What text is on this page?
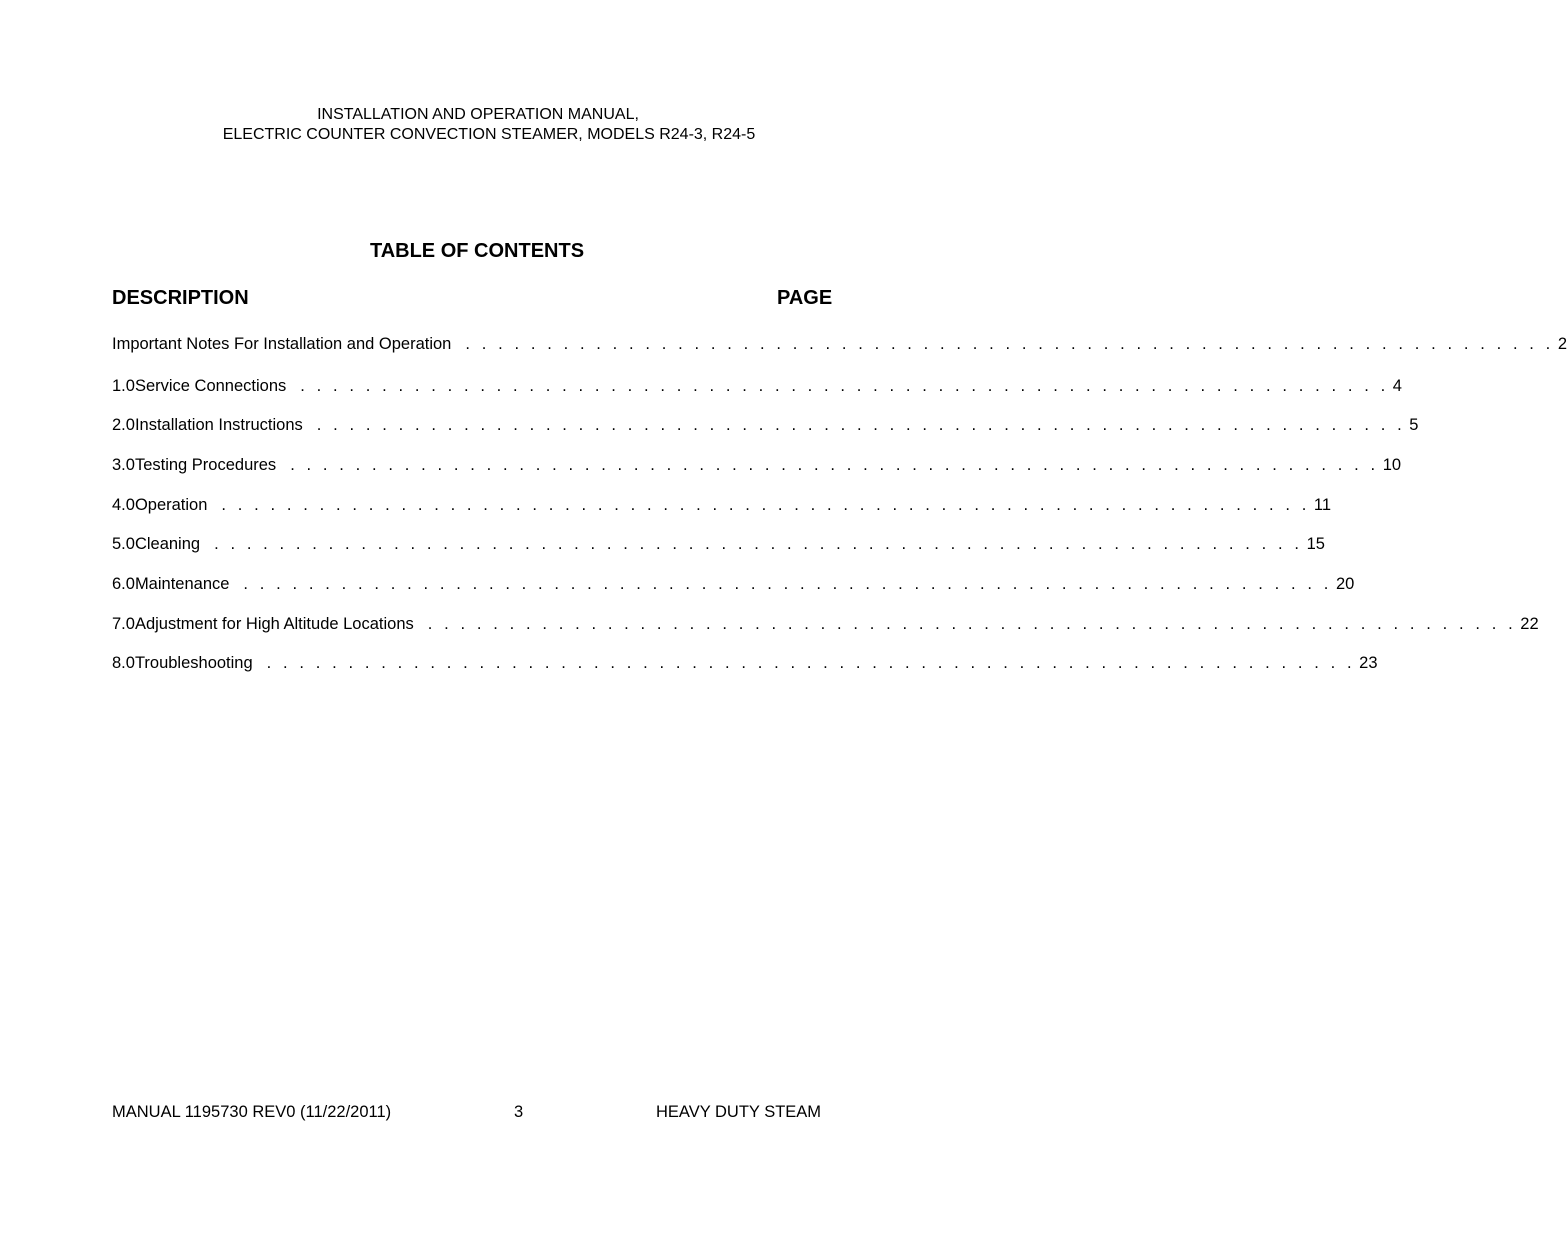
INSTALLATION AND OPERATION MANUAL,
ELECTRIC COUNTER CONVECTION STEAMER, MODELS R24-3, R24-5
TABLE OF CONTENTS
DESCRIPTION	PAGE
Important Notes For Installation and Operation . . . . . . . . . . . . . . . . . . . . . . . . . . . . . . . . . . . . . . . . . . . . . . . . . . . . . . . . . . . . . . . . . . . 2
1.0 Service Connections . . . . . . . . . . . . . . . . . . . . . . . . . . . . . . . . . . . . . . . . . . . . . . . . . . . . . . . . . . . . . . . . . . . 4
2.0 Installation Instructions . . . . . . . . . . . . . . . . . . . . . . . . . . . . . . . . . . . . . . . . . . . . . . . . . . . . . . . . . . . . . . . . . . . 5
3.0 Testing Procedures . . . . . . . . . . . . . . . . . . . . . . . . . . . . . . . . . . . . . . . . . . . . . . . . . . . . . . . . . . . . . . . . . . . 10
4.0 Operation . . . . . . . . . . . . . . . . . . . . . . . . . . . . . . . . . . . . . . . . . . . . . . . . . . . . . . . . . . . . . . . . . . . 11
5.0 Cleaning . . . . . . . . . . . . . . . . . . . . . . . . . . . . . . . . . . . . . . . . . . . . . . . . . . . . . . . . . . . . . . . . . . . 15
6.0 Maintenance . . . . . . . . . . . . . . . . . . . . . . . . . . . . . . . . . . . . . . . . . . . . . . . . . . . . . . . . . . . . . . . . . . . 20
7.0 Adjustment for High Altitude Locations . . . . . . . . . . . . . . . . . . . . . . . . . . . . . . . . . . . . . . . . . . . . . . . . . . . . . . . . . . . . . . . . . . . 22
8.0 Troubleshooting . . . . . . . . . . . . . . . . . . . . . . . . . . . . . . . . . . . . . . . . . . . . . . . . . . . . . . . . . . . . . . . . . . . 23
MANUAL 1195730 REV0 (11/22/2011)	3	HEAVY DUTY STEAM
